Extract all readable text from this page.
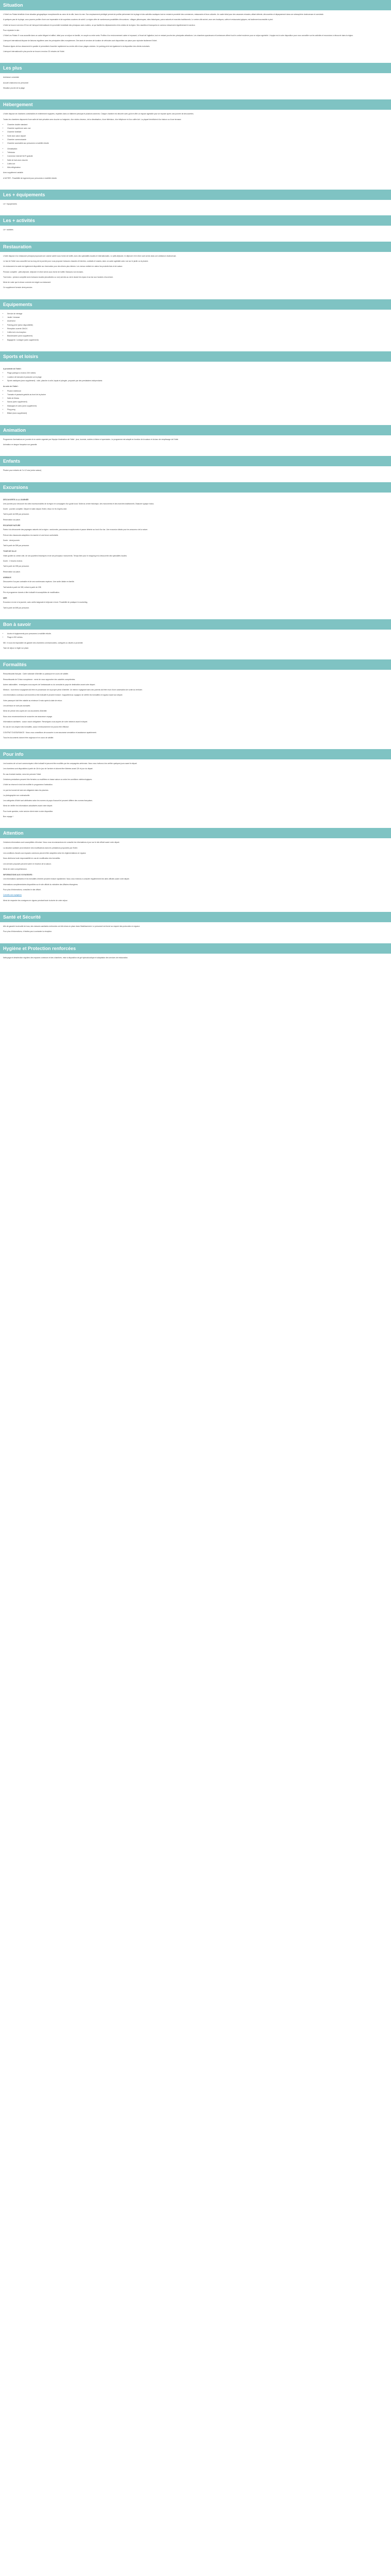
Situation

L'Hôtel Les Palais bénéficie d'une situation géographique exceptionnelle au cœur de la ville, face à la mer. Son emplacement privilégié permet de profiter pleinement de la plage et des activités nautiques tout en restant à proximité des commerces, restaurants et lieux culturels. Un cadre idéal pour des vacances réussies, alliant détente, découvertes et dépaysement dans une atmosphère chaleureuse et conviviale.

A quelques pas de la plage, vous pourrez profiter d'une vue imprenable et de superbes couchers de soleil. La région offre de nombreuses possibilités d'excursions : villages pittoresques, sites historiques, parcs naturels et marchés traditionnels. Le centre-ville animé, avec ses boutiques, cafés et restaurants typiques, est facilement accessible à pied.

L'hôtel se trouve à environ 20 km de l'aéroport international et à proximité immédiate des principaux axes routiers, ce qui facilite les déplacements et les visites de la région. Des navettes et transports en commun desservent régulièrement le secteur.

Pour rejoindre le site :

L'Hôtel Les Palais 4* vous accueille dans un cadre élégant et raffiné, idéal pour un séjour en famille, en couple ou entre amis. Profitez d'un environnement calme et reposant, à l'écart de l'agitation, tout en restant proche des principales attractions. Les chambres spacieuses et lumineuses offrent tout le confort moderne pour un séjour agréable. L'équipe est à votre disposition pour vous conseiller sur les activités et excursions à découvrir dans la région.

L'aéroport international dispose de liaisons régulières avec les principales villes européennes. Des taxis et services de location de véhicules sont disponibles sur place pour rejoindre facilement l'hôtel.

Plusieurs lignes de bus desservent le quartier et permettent d'accéder rapidement au centre-ville et aux plages voisines. Un parking privé est également à la disposition des clients motorisés.

L'aéroport international le plus proche se trouve à environ 20 minutes de l'hôtel.

Les plus

Ambiance conviviale

Accueil chaleureux du personnel

Situation proche de la plage

Hébergement

L'hôtel dispose de chambres confortables et entièrement équipées, réparties dans un bâtiment principal et plusieurs annexes. Chaque chambre est décorée avec goût et offre un espace agréable pour se reposer après une journée de découvertes.

Toutes les chambres disposent d'une salle de bain privative avec douche ou baignoire, d'un sèche-cheveux, de la climatisation, d'une télévision, d'un téléphone et d'un coffre-fort. La plupart bénéficient d'un balcon ou d'une terrasse.

• Chambre double standard
• Chambre supérieure avec vue
• Chambre familiale
• Suite avec salon séparé
• Chambre communicante
• Chambre accessible aux personnes à mobilité réduite
• Climatisation
• Télévision
• Connexion internet Wi-Fi gratuite
• Salle de bain avec douche
• Coffre-fort
• Mini-réfrigérateur

Avec supplément variable

A NOTER : Possibilité de logement pour personnes à mobilité réduite.

Les + équipements

Lit + équipements

Les + activités

Lit + activités

Restauration

L'hôtel dispose d'un restaurant principal proposant une cuisine variée sous forme de buffet, avec des spécialités locales et internationales. Le petit-déjeuner, le déjeuner et le dîner sont servis dans une ambiance chaleureuse.

Le bar de l'hôtel vous accueille tout au long de la journée pour vous proposer boissons chaudes et fraîches, cocktails et snacks, dans un cadre agréable avec vue sur le jardin ou la piscine.

Un restaurant à la carte est également disponible sur réservation pour des dîners plus intimes. Les menus mettent en valeur les produits frais et de saison.

Pension complète : petit-déjeuner, déjeuner et dîner servis sous forme de buffet. Boissons non incluses.

Tout inclus : pension complète avec boissons locales (alcoolisées ou non) servies au verre durant les repas et au bar aux horaires d'ouverture.

Merci de noter que la tenue correcte est exigée au restaurant.

Ce supplément formule demi-pension.

Equipements
• Service de ménage
• Jardin / terrasse
• Ascenseur
• Parking privé (selon disponibilité)
• Réception ouverte 24h/24
• Coffre-fort à la réception
• Blanchisserie (avec supplément)
• Bagagerie / consigne (avec supplément)
Sports et loisirs

A proximité de l'hôtel :

• Plage publique à environ 200 mètres
• Location de transats et parasols sur la plage
• Sports nautiques (avec supplément) : voile, planche à voile, kayak et plongée, proposés par des prestataires indépendants

Au sein de l'hôtel :

• Piscine extérieure
• Transats et parasols gratuits au bord de la piscine
• Salle de fitness
• Sauna (avec supplément)
• Massages et soins (avec supplément)
• Ping-pong
• Billard (avec supplément)
Animation

Programme d'animations en journée et en soirée organisé par l'équipe d'animation de l'hôtel : jeux, tournois, soirées à thème et spectacles. Le programme est adapté en fonction de la saison et du taux de remplissage de l'hôtel.

Animation en langue française non garantie.

Enfants

Piscine pour enfants de 2 à 12 ans (selon saison)

Excursions

DÉCOUVERTE A LA JOURNÉE

Une journée pour découvrir les sites incontournables de la région en compagnie d'un guide local. Visite du centre historique, des monuments et des marchés traditionnels. Déjeuner typique inclus.

Durée : journée complète. Départ le matin depuis l'hôtel, retour en fin d'après-midi.

Tarif à partir de 55€ par personne.

Réservation sur place.

ESCAPADE NATURE

Partez à la découverte des paysages naturels de la région : randonnée, panoramas exceptionnels et pause détente au bord d'un lac. Une excursion idéale pour les amoureux de la nature.

Prévoir des chaussures adaptées à la marche et une tenue confortable.

Durée : demi-journée.

Tarif à partir de 35€ par personne.

TOUR DE VILLE

Visite guidée du centre-ville, de ses quartiers historiques et de ses principaux monuments. Temps libre pour le shopping et la découverte des spécialités locales.

Durée : 3 heures environ.

Tarif à partir de 25€ par personne.

Réservation sur place.

ANIMAUX

Découverte d'un parc animalier et de ses nombreuses espèces. Une sortie idéale en famille.

Tarif adulte à partir de 30€, enfant à partir de 20€.

Prix et programme donnés à titre indicatif et susceptibles de modification.

MER

Excursion en mer à la journée, avec arrêts baignade et déjeuner à bord. Possibilité de pratiquer le snorkeling.

Tarif à partir de 65€ par personne.

Bon à savoir
• Accès et équipements pour personnes à mobilité réduite.
• Plage à 200 mètres.

NB : Il nous est impossible de garantir des chambres communicantes, contiguës ou situées à proximité.

Taxe de séjour à régler sur place.

Formalités

Ressortissants français : Carte nationale d'identité ou passeport en cours de validité.

Ressortissants de l'Union européenne : merci de vous rapprocher des autorités compétentes.

Autres nationalités : renseignez-vous auprès de l'ambassade ou du consulat du pays de destination avant votre départ.

Mineurs : tout mineur voyageant doit être en possession de sa propre pièce d'identité. Un mineur voyageant sans ses parents doit être muni d'une autorisation de sortie du territoire.

Les informations ci-dessus sont données à titre indicatif et peuvent évoluer. Il appartient au voyageur de vérifier les formalités en vigueur avant son départ.

Votre passeport doit être valable au minimum 6 mois après la date de retour.

Les animaux ne sont pas acceptés.

Merci de prévoir des copies de vos documents d'identité.

Nous vous recommandons de souscrire une assurance voyage.

Informations sanitaires : aucun vaccin obligatoire. Renseignez-vous auprès de votre médecin avant le départ.

En cas de non-respect des formalités, aucun remboursement ne pourra être effectué.

CONTRAT D'ASSURANCE : Nous vous conseillons de souscrire à une assurance annulation et assistance rapatriement.

Tous les documents doivent être originaux et en cours de validité.

Pour info

Les horaires de vol sont communiqués à titre indicatif et peuvent être modifiés par les compagnies aériennes. Nous vous invitons à les vérifier quelques jours avant le départ.

Les chambres sont disponibles à partir de 14h le jour de l'arrivée et doivent être libérées avant 12h le jour du départ.

En cas d'arrivée tardive, merci de prévenir l'hôtel.

Certaines prestations peuvent être fermées ou modifiées en basse saison ou selon les conditions météorologiques.

L'hôtel se réserve le droit de modifier le programme d'animation.

Le port du bonnet de bain est obligatoire dans les piscines.

La photographie non contractuelle.

Les catégories d'hôtel sont attribuées selon les normes du pays d'accueil et peuvent différer des normes françaises.

Merci de vérifier les informations actualisées avant votre départ.

Pour toute question, notre service client reste à votre disposition.

Bon voyage !

Attention

Certaines informations sont susceptibles d'évoluer. Nous vous recommandons de consulter les informations à jour sur le site officiel avant votre départ.

La situation sanitaire peut entraîner des modifications dans les prestations proposées par l'hôtel.

Les conditions d'accès aux espaces communs peuvent être adaptées selon les réglementations en vigueur.

Nous déclinons toute responsabilité en cas de modification des formalités.

Les services proposés peuvent varier en fonction de la saison.

Merci de votre compréhension.

INFORMATIONS AUX VOYAGEURS :

Les informations sanitaires et les formalités d'entrée peuvent évoluer rapidement. Nous vous invitons à consulter régulièrement les sites officiels avant votre départ.

Informations complémentaires disponibles sur le site officiel du ministère des Affaires étrangères.

Pour plus d'informations, consultez le site officiel.

Conseils aux voyageurs

Merci de respecter les consignes en vigueur pendant toute la durée de votre séjour.

Santé et Sécurité

Afin de garantir la sécurité de tous, des mesures sanitaires renforcées ont été mises en place dans l'établissement. Le personnel est formé au respect des protocoles en vigueur.

Pour plus d'informations, n'hésitez pas à contacter la réception.

Hygiène et Protection renforcées

Nettoyage et désinfection réguliers des espaces communs et des chambres, mise à disposition de gel hydroalcoolique et adaptation des services de restauration.
